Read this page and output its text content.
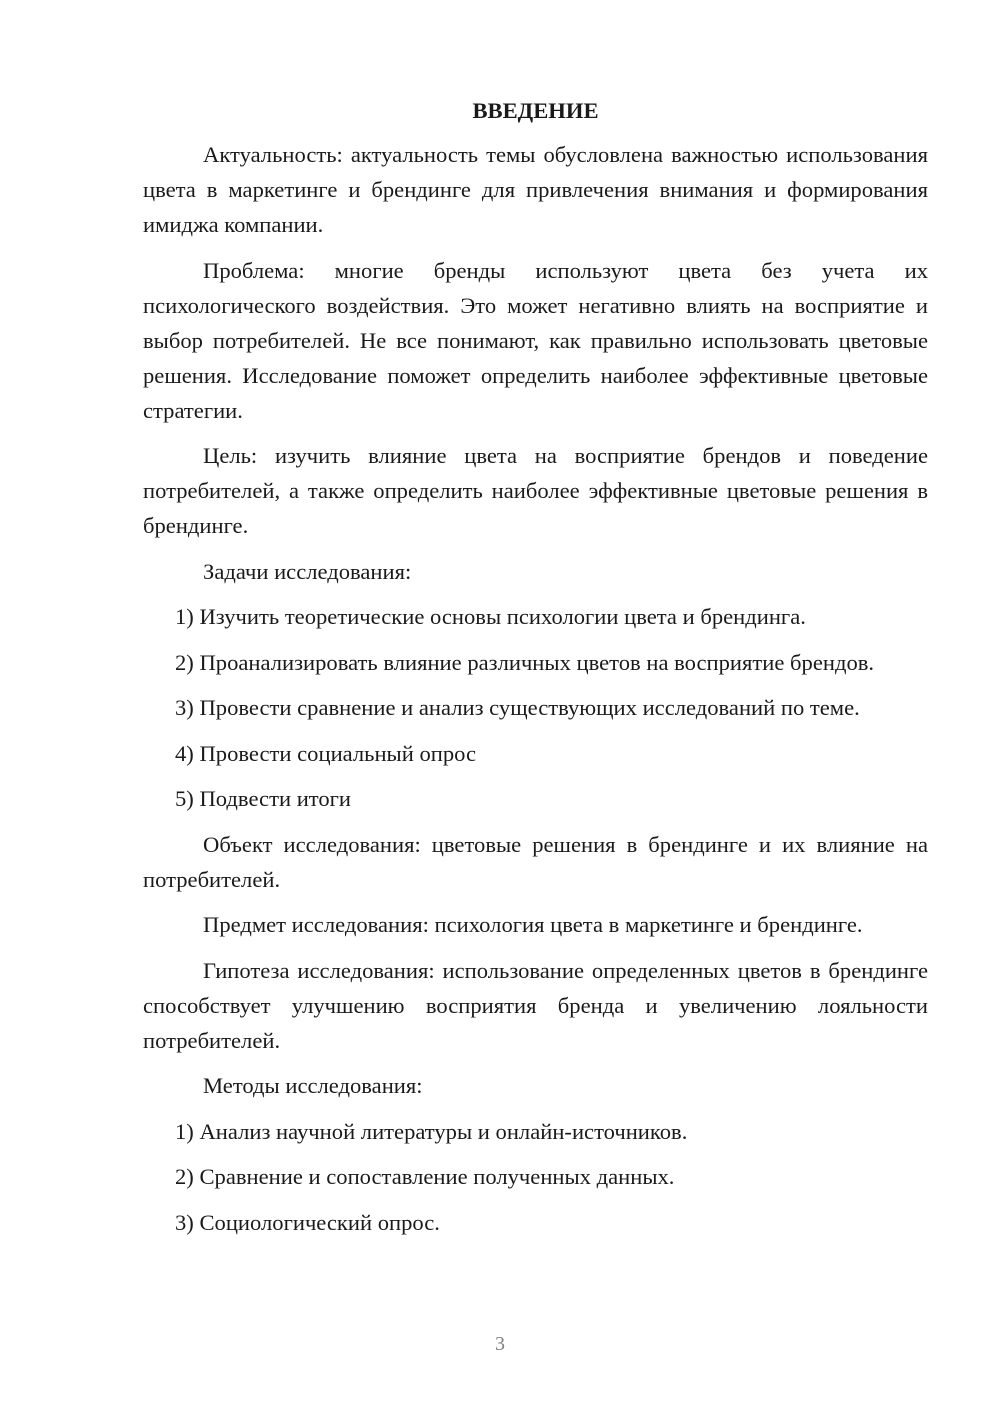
ВВЕДЕНИЕ

Актуальность: актуальность темы обусловлена важностью использования цвета в маркетинге и брендинге для привлечения внимания и формирования имиджа компании.

Проблема: многие бренды используют цвета без учета их психологического воздействия. Это может негативно влиять на восприятие и выбор потребителей. Не все понимают, как правильно использовать цветовые решения. Исследование поможет определить наиболее эффективные цветовые стратегии.

Цель: изучить влияние цвета на восприятие брендов и поведение потребителей, а также определить наиболее эффективные цветовые решения в брендинге.

Задачи исследования:

1) Изучить теоретические основы психологии цвета и брендинга.

2) Проанализировать влияние различных цветов на восприятие брендов.

3) Провести сравнение и анализ существующих исследований по теме.

4) Провести социальный опрос

5) Подвести итоги

Объект исследования: цветовые решения в брендинге и их влияние на потребителей.

Предмет исследования: психология цвета в маркетинге и брендинге.

Гипотеза исследования: использование определенных цветов в брендинге способствует улучшению восприятия бренда и увеличению лояльности потребителей.

Методы исследования:

1) Анализ научной литературы и онлайн-источников.

2) Сравнение и сопоставление полученных данных.

3) Социологический опрос.

3
